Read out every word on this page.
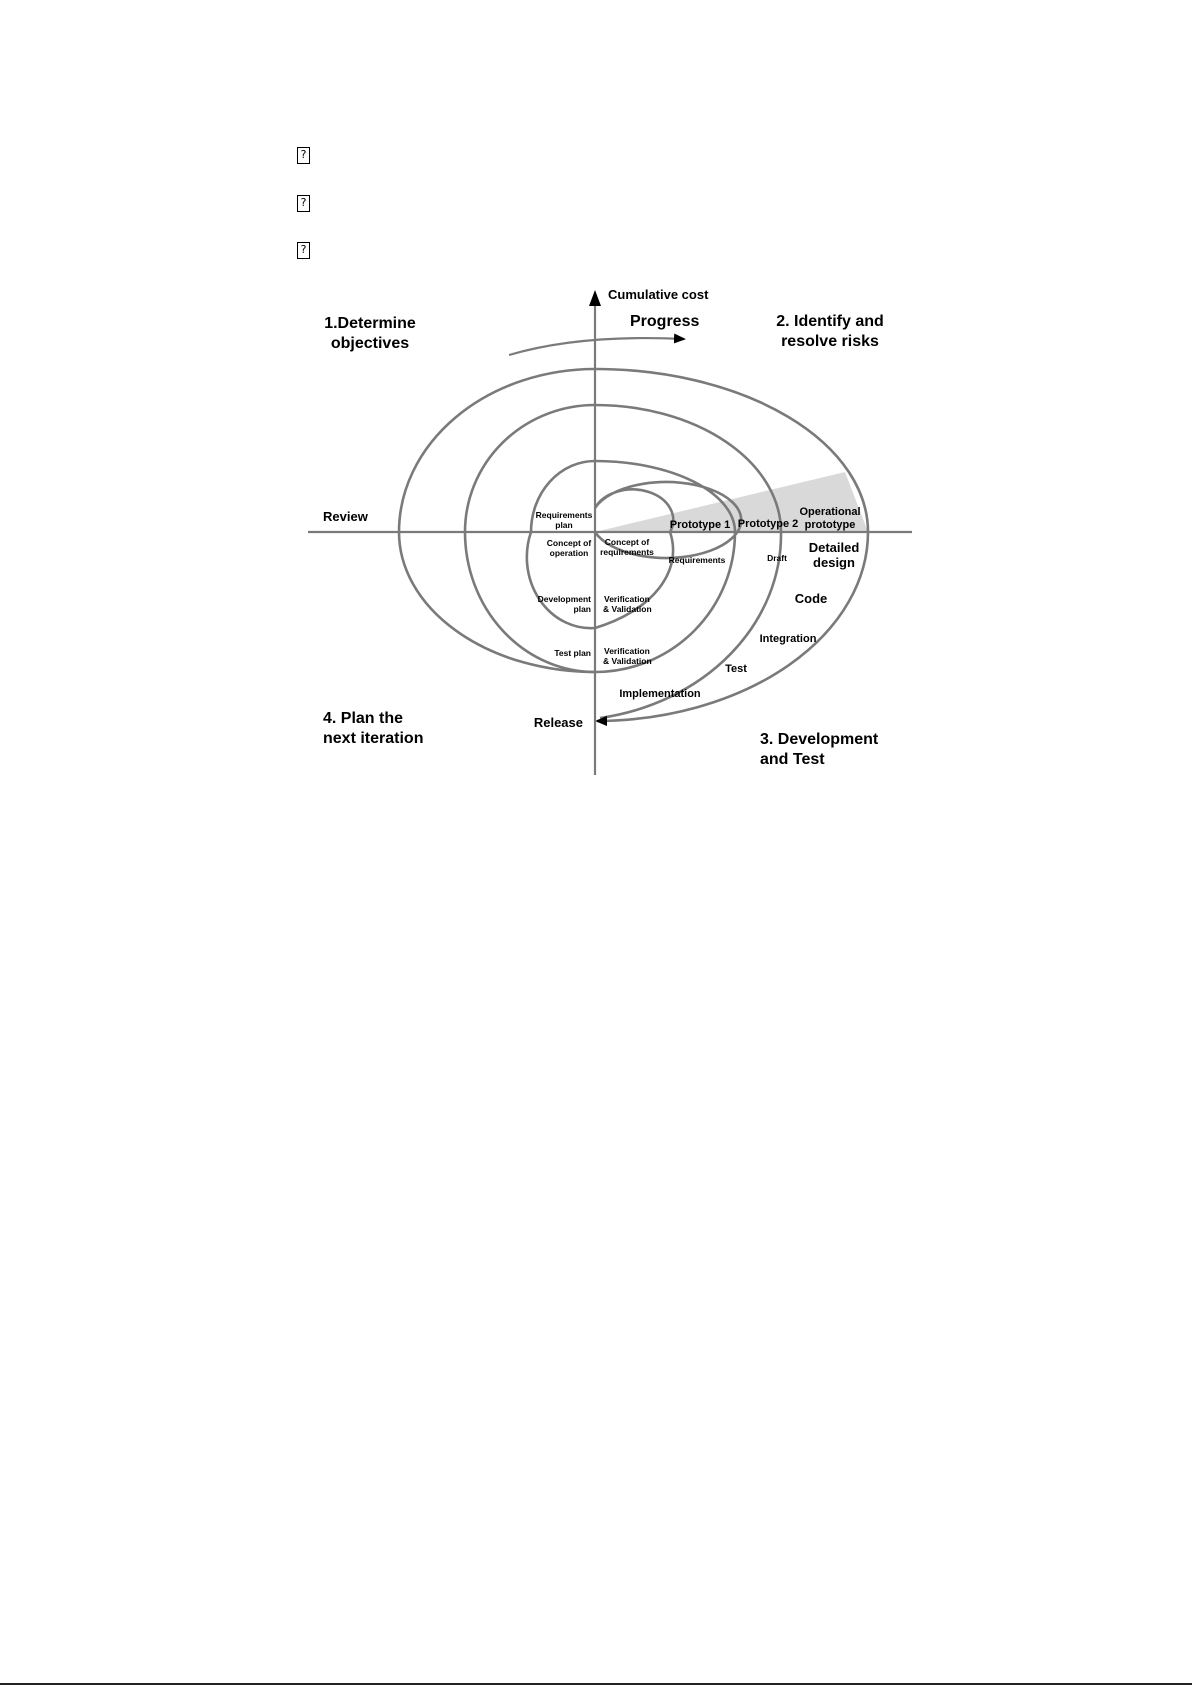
?
?
?
Cumulative cost
Progress
1.Determine
objectives
2. Identify and
resolve risks
3. Development
and Test
4. Plan the
next iteration
Review
Release
Requirements
plan
Concept of
operation
Concept of
requirements
Requirements	Draft
Development
plan
Verification
& Validation
Test plan Verification
& Validation
Prototype 1 Prototype 2
Operational
prototype
Detailed
design
Code
Integration
Test
Implementation
